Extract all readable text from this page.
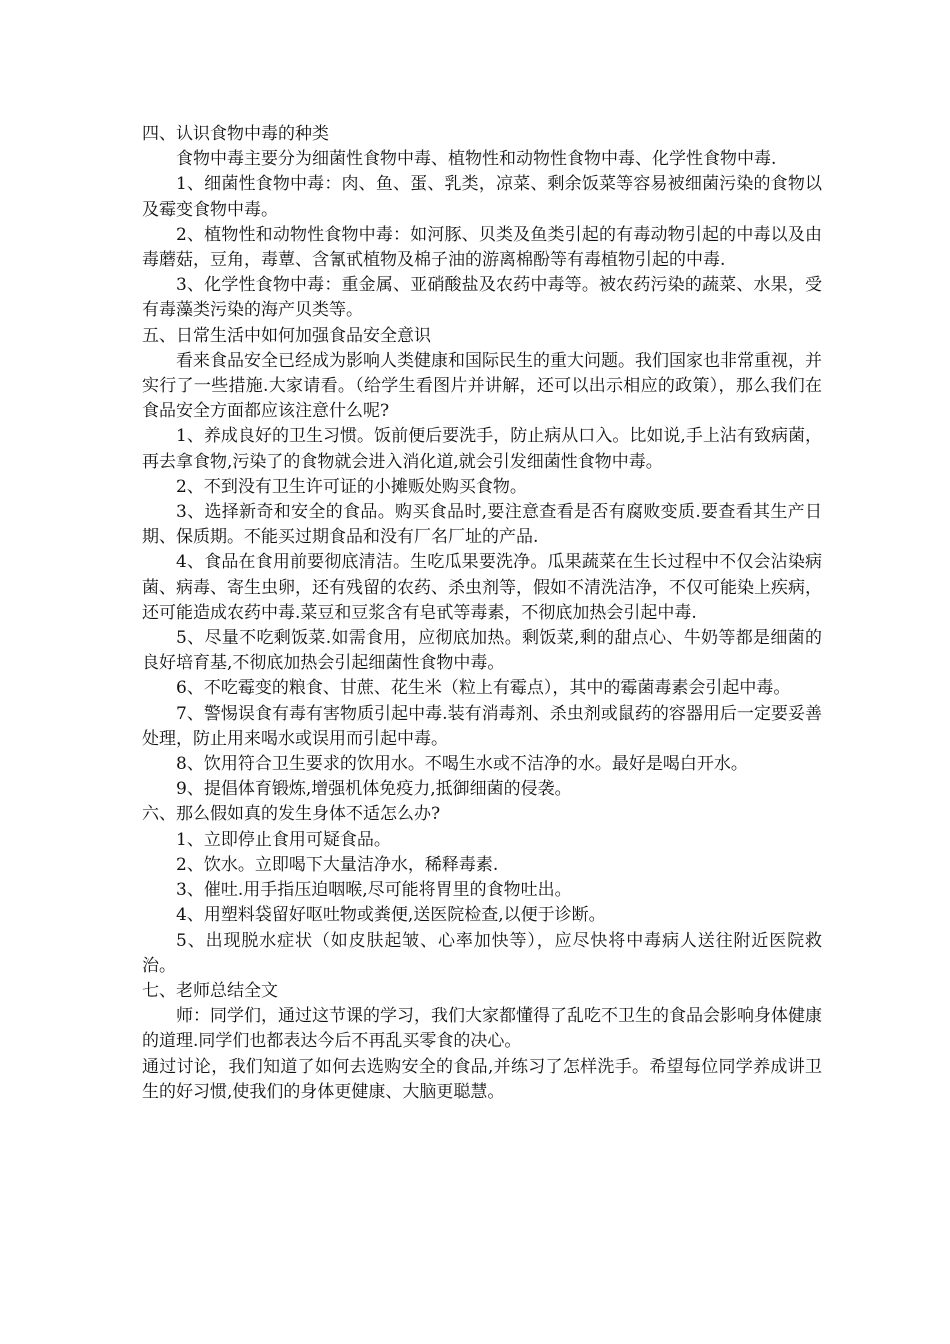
四、认识食物中毒的种类

食物中毒主要分为细菌性食物中毒、植物性和动物性食物中毒、化学性食物中毒.

1、细菌性食物中毒：肉、鱼、蛋、乳类，凉菜、剩余饭菜等容易被细菌污染的食物以及霉变食物中毒。

2、植物性和动物性食物中毒：如河豚、贝类及鱼类引起的有毒动物引起的中毒以及由毒蘑菇，豆角，毒蕈、含氰甙植物及棉子油的游离棉酚等有毒植物引起的中毒.

3、化学性食物中毒：重金属、亚硝酸盐及农药中毒等。被农药污染的蔬菜、水果，受有毒藻类污染的海产贝类等。

五、日常生活中如何加强食品安全意识

看来食品安全已经成为影响人类健康和国际民生的重大问题。我们国家也非常重视，并实行了一些措施.大家请看。（给学生看图片并讲解，还可以出示相应的政策），那么我们在食品安全方面都应该注意什么呢?

1、养成良好的卫生习惯。饭前便后要洗手，防止病从口入。比如说,手上沾有致病菌，再去拿食物,污染了的食物就会进入消化道,就会引发细菌性食物中毒。

2、不到没有卫生许可证的小摊贩处购买食物。

3、选择新奇和安全的食品。购买食品时,要注意查看是否有腐败变质.要查看其生产日期、保质期。不能买过期食品和没有厂名厂址的产品.

4、食品在食用前要彻底清洁。生吃瓜果要洗净。瓜果蔬菜在生长过程中不仅会沾染病菌、病毒、寄生虫卵，还有残留的农药、杀虫剂等，假如不清洗洁净，不仅可能染上疾病，还可能造成农药中毒.菜豆和豆浆含有皂甙等毒素，不彻底加热会引起中毒.

5、尽量不吃剩饭菜.如需食用，应彻底加热。剩饭菜,剩的甜点心、牛奶等都是细菌的良好培育基,不彻底加热会引起细菌性食物中毒。

6、不吃霉变的粮食、甘蔗、花生米（粒上有霉点），其中的霉菌毒素会引起中毒。

7、警惕误食有毒有害物质引起中毒.装有消毒剂、杀虫剂或鼠药的容器用后一定要妥善处理，防止用来喝水或误用而引起中毒。

8、饮用符合卫生要求的饮用水。不喝生水或不洁净的水。最好是喝白开水。

9、提倡体育锻炼,增强机体免疫力,抵御细菌的侵袭。

六、那么假如真的发生身体不适怎么办?

1、立即停止食用可疑食品。

2、饮水。立即喝下大量洁净水，稀释毒素.

3、催吐.用手指压迫咽喉,尽可能将胃里的食物吐出。

4、用塑料袋留好呕吐物或粪便,送医院检查,以便于诊断。

5、出现脱水症状（如皮肤起皱、心率加快等），应尽快将中毒病人送往附近医院救治。

七、老师总结全文

师：同学们，通过这节课的学习，我们大家都懂得了乱吃不卫生的食品会影响身体健康的道理.同学们也都表达今后不再乱买零食的决心。

通过讨论，我们知道了如何去选购安全的食品,并练习了怎样洗手。希望每位同学养成讲卫生的好习惯,使我们的身体更健康、大脑更聪慧。
